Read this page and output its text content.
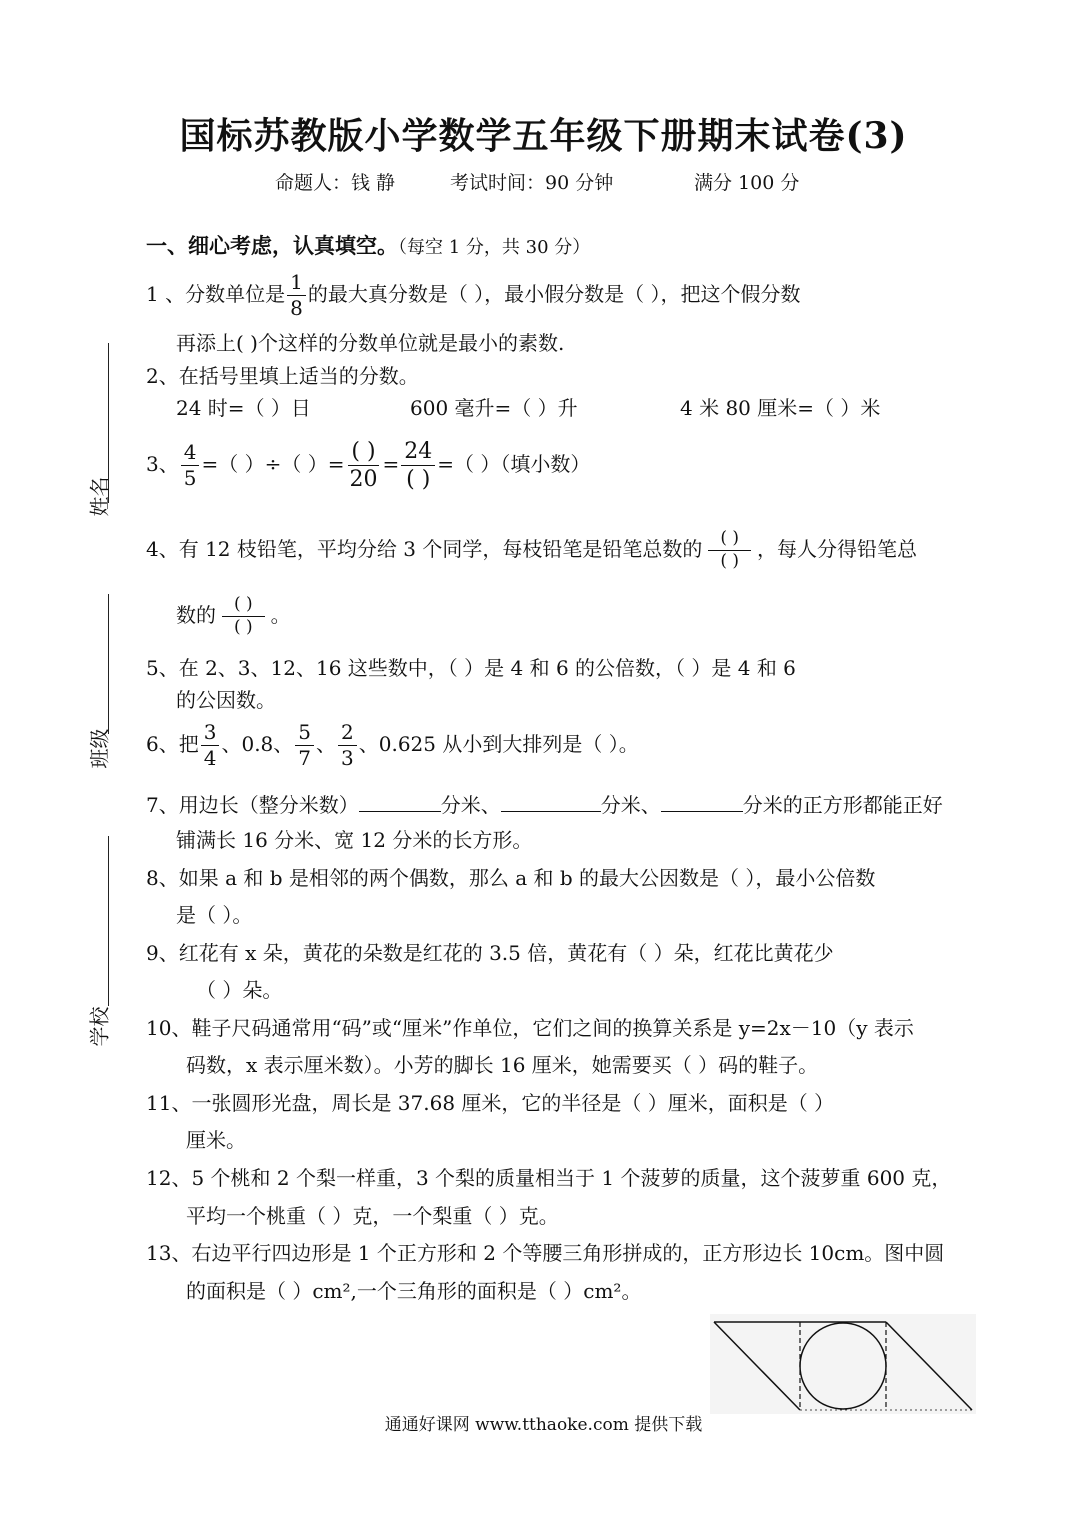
国标苏教版小学数学五年级下册期末试卷(3)
命题人：钱 静	考试时间：90 分钟	满分 100 分
姓名
班级
学校
一、细心考虑，认真填空。（每空 1 分，共 30 分）
1 、分数单位是 $\frac{1}{8}$ 的最大真分数是（ ），最小假分数是（ ），把这个假分数
再添上( )个这样的分数单位就是最小的素数.
2、在括号里填上适当的分数。
24 时=（ ）日	600 毫升=（ ）升	4 米 80 厘米=（ ）米
3、 $\frac{4}{5}$ =（ ）÷（ ）= $\frac{( )}{20} = \frac{24}{( )}$ =（ ）（填小数）
4、有 12 枝铅笔，平均分给 3 个同学，每枝铅笔是铅笔总数的 $\frac{( )}{( )}$ ，每人分得铅笔总
数的 $\frac{( )}{( )}$ 。
5、在 2、3、12、16 这些数中，（ ）是 4 和 6 的公倍数，（ ）是 4 和 6
的公因数。
6、把 $\frac{3}{4}$ 、0.8、 $\frac{5}{7}$ 、 $\frac{2}{3}$ 、0.625 从小到大排列是（ ）。
7、用边长（整分米数）	分米、	分米、	分米的正方形都能正好
铺满长 16 分米、宽 12 分米的长方形。
8、如果 a 和 b 是相邻的两个偶数，那么 a 和 b 的最大公因数是（ ），最小公倍数
是（ ）。
9、红花有 x 朵，黄花的朵数是红花的 3.5 倍，黄花有（ ）朵，红花比黄花少
（ ）朵。
10、鞋子尺码通常用“码”或“厘米”作单位，它们之间的换算关系是 y=2x－10（y 表示
码数，x 表示厘米数）。小芳的脚长 16 厘米，她需要买（ ）码的鞋子。
11、一张圆形光盘，周长是 37.68 厘米，它的半径是（ ）厘米，面积是（ ）
厘米。
12、5 个桃和 2 个梨一样重，3 个梨的质量相当于 1 个菠萝的质量，这个菠萝重 600 克，
平均一个桃重（ ）克，一个梨重（ ）克。
13、右边平行四边形是 1 个正方形和 2 个等腰三角形拼成的，正方形边长 10cm。图中圆
的面积是（ ）cm²,一个三角形的面积是（ ）cm²。
通通好课网 www.tthaoke.com 提供下载
